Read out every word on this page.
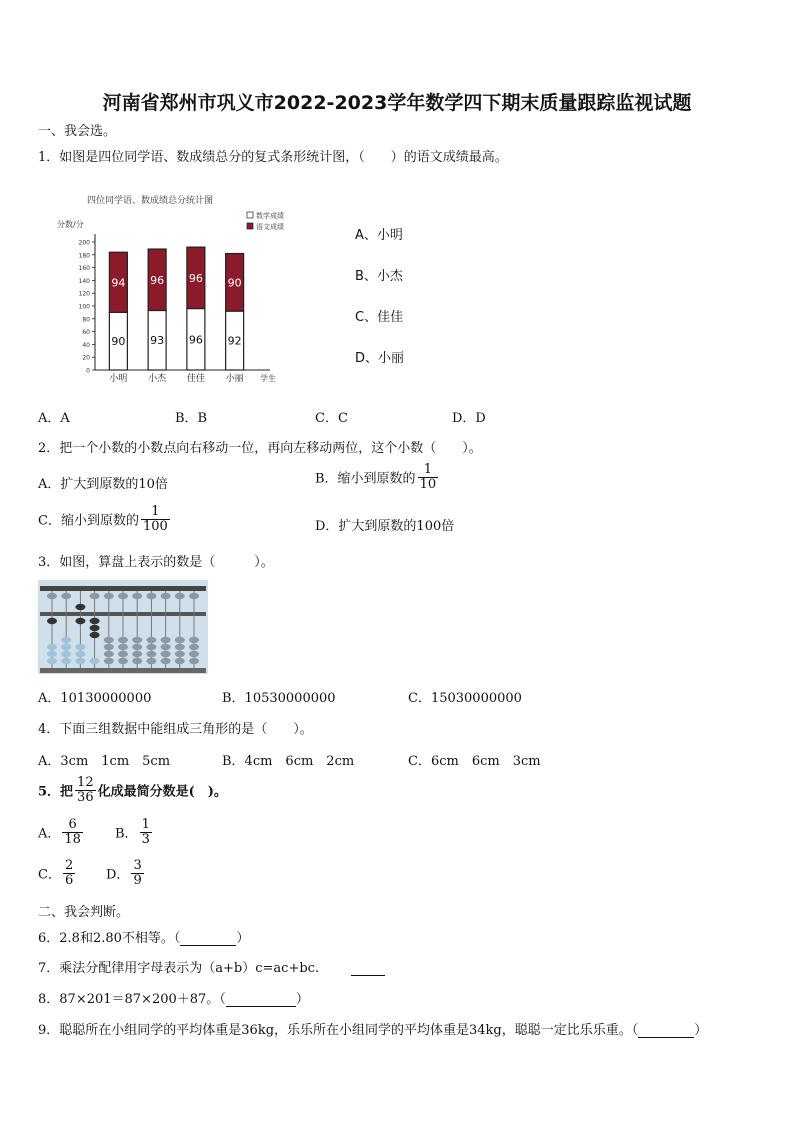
河南省郑州市巩义市2022-2023学年数学四下期末质量跟踪监视试题
一、我会选。
1．如图是四位同学语、数成绩总分的复式条形统计图，（　　）的语文成绩最高。
四位同学语、数成绩总分统计图
分数/分
数学成绩
语文成绩
0
20
40
60
80
100
120
140
160
180
200
学生
90
94
小明
93
96
小杰
96
96
佳佳
92
90
小丽
A、小明
B、小杰
C、佳佳
D、小丽
A．A	B．B	C．C	D．D
2．把一个小数的小数点向右移动一位，再向左移动两位，这个小数（　　）。
A．扩大到原数的10倍	B．缩小到原数的 $\frac{1}{10}$
C．缩小到原数的 $\frac{1}{100}$	D．扩大到原数的100倍
3．如图，算盘上表示的数是（　　　）。
A．10130000000	B．10530000000	C．15030000000
4．下面三组数据中能组成三角形的是（　　）。
A．3cm　1cm　5cm	B．4cm　6cm　2cm	C．6cm　6cm　3cm
5．把 $\frac{12}{36}$ 化成最简分数是(　)。
A． $\frac{6}{18}$ B． $\frac{1}{3}$
C． $\frac{2}{6}$ D． $\frac{3}{9}$
二、我会判断。
6．2.8和2.80不相等。（	）
7．乘法分配律用字母表示为（a+b）c=ac+bc.
8．87×201＝87×200＋87。（	）
9．聪聪所在小组同学的平均体重是36kg，乐乐所在小组同学的平均体重是34kg，聪聪一定比乐乐重。（	）
